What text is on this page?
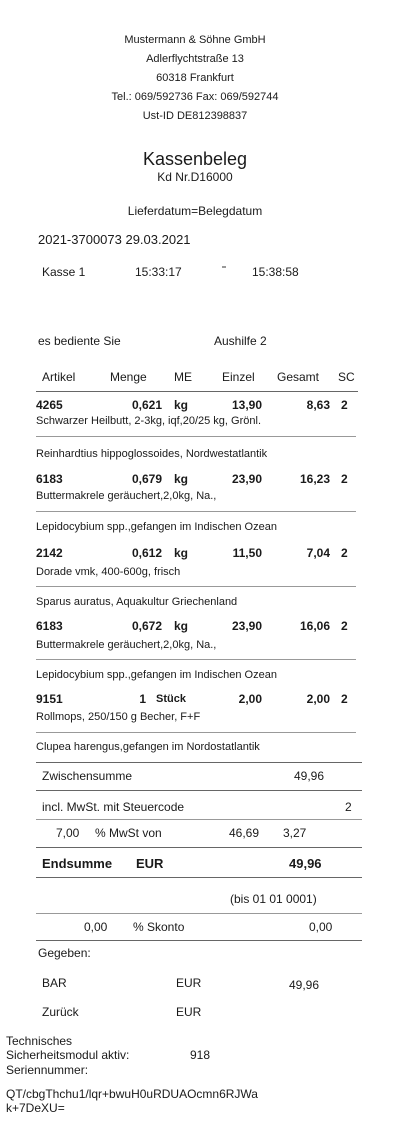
Mustermann & Söhne GmbH
Adlerflychtstraße 13
60318 Frankfurt
Tel.: 069/592736 Fax: 069/592744
Ust-ID DE812398837
Kassenbeleg
Kd Nr.D16000
Lieferdatum=Belegdatum
2021-3700073 29.03.2021
Kasse 1	15:33:17	15:38:58
es bediente Sie	Aushilfe 2
Artikel	Menge ME	Einzel Gesamt SC
4265	0,621 kg	13,90	8,63 2
Schwarzer Heilbutt, 2-3kg, iqf,20/25 kg, Grönl.
Reinhardtius hippoglossoides, Nordwestatlantik
6183	0,679 kg	23,90	16,23 2
Buttermakrele geräuchert,2,0kg, Na.,
Lepidocybium spp.,gefangen im Indischen Ozean
2142	0,612 kg	11,50	7,04 2
Dorade vmk, 400-600g, frisch
Sparus auratus, Aquakultur Griechenland
6183	0,672 kg	23,90	16,06 2
Buttermakrele geräuchert,2,0kg, Na.,
Lepidocybium spp.,gefangen im Indischen Ozean
9151	1 Stück	2,00	2,00 2
Rollmops, 250/150 g Becher, F+F
Clupea harengus,gefangen im Nordostatlantik
Zwischensumme	49,96
incl. MwSt. mit Steuercode	2
7,00 % MwSt von	46,69 3,27
Endsumme EUR	49,96
(bis 01 01 0001)
0,00 % Skonto	0,00
Gegeben:
BAR	EUR	49,96
Zurück	EUR
Technisches
Sicherheitsmodul aktiv:	918
Seriennummer:
QT/cbgThchu1/lqr+bwuH0uRDUAOcmn6RJWa
k+7DeXU=
